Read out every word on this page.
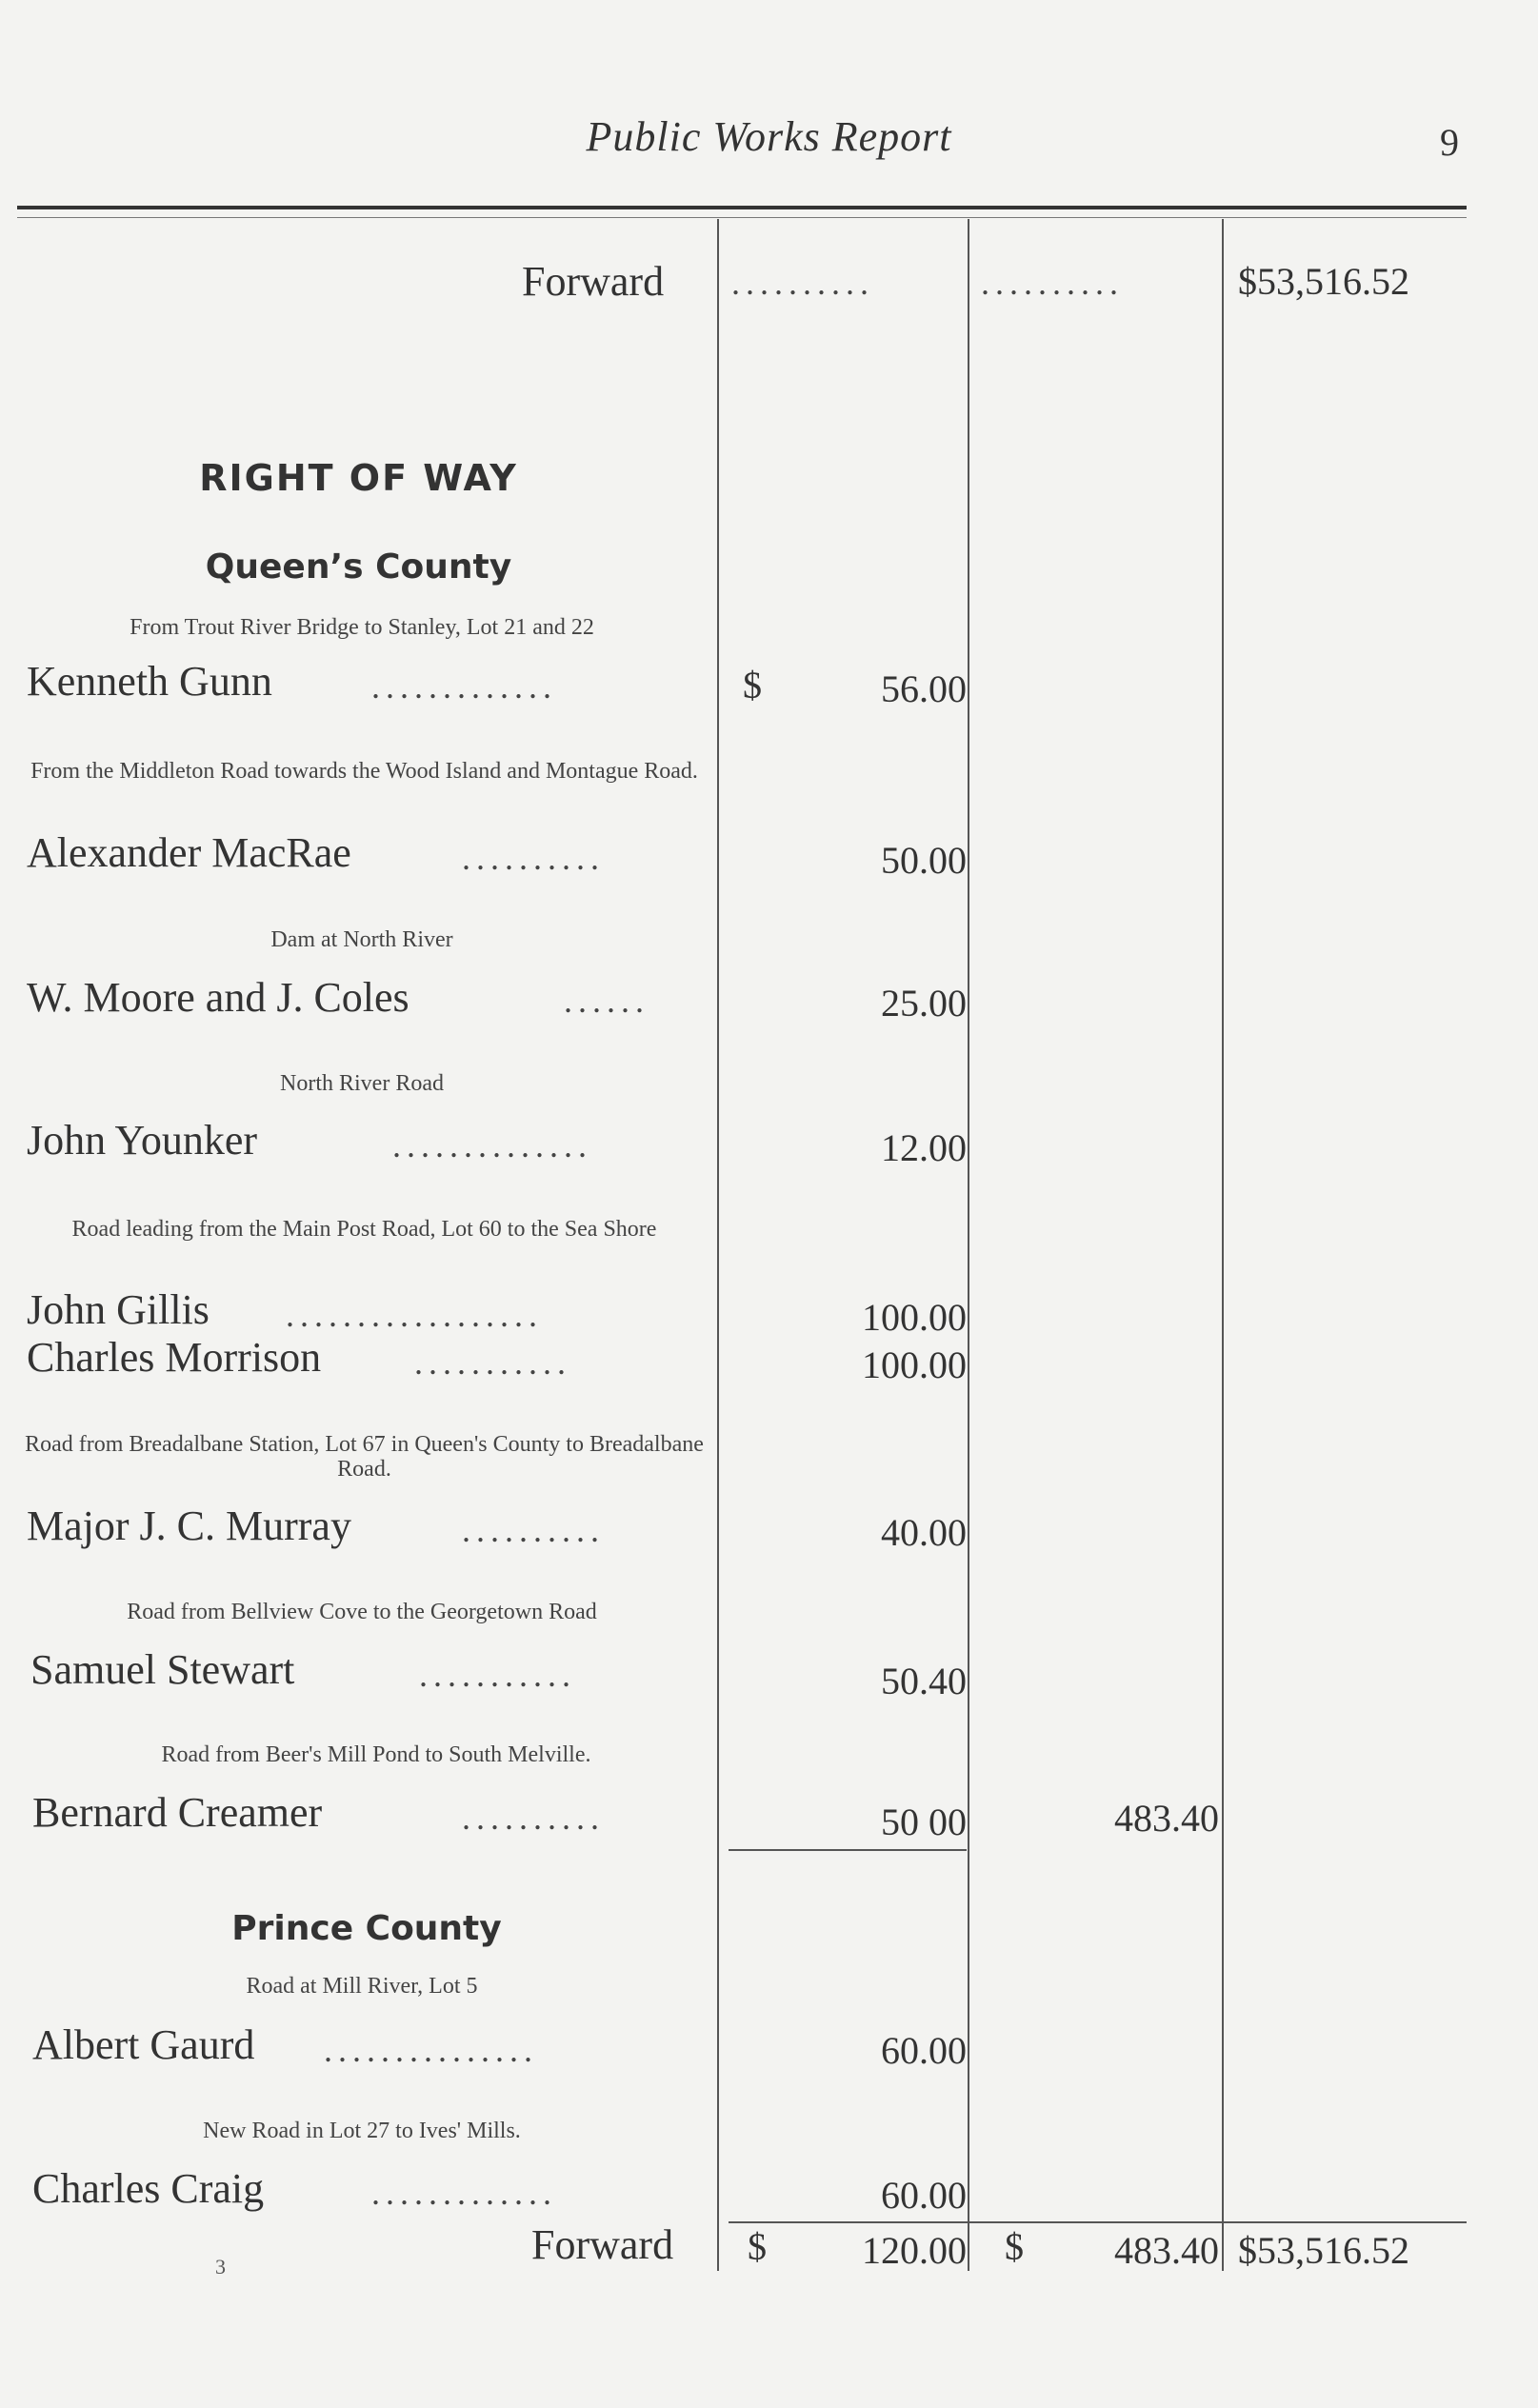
Public Works Report	9
Forward ..........	..........	$53,516.52
RIGHT OF WAY
Queen’s County
From Trout River Bridge to Stanley, Lot 21 and 22
Kenneth Gunn	.............	$	56.00
From the Middleton Road towards the Wood Island and Montague Road.
Alexander MacRae	..........	50.00
Dam at North River
W. Moore and J. Coles	......	25.00
North River Road
John Younker	..............	12.00
Road leading from the Main Post Road, Lot 60 to the Sea Shore
John Gillis ..................	100.00
Charles Morrison	...........	100.00
Road from Breadalbane Station, Lot 67 in Queen's County to Breadalbane Road.
Major J. C. Murray	..........	40.00
Road from Bellview Cove to the Georgetown Road
Samuel Stewart	...........	50.40
Road from Beer's Mill Pond to South Melville.
Bernard Creamer	..........	50 00	483.40
Prince County
Road at Mill River, Lot 5
Albert Gaurd ...............	60.00
New Road in Lot 27 to Ives' Mills.
Charles Craig	.............	60.00
Forward $	120.00 $	483.40 $53,516.52
3
